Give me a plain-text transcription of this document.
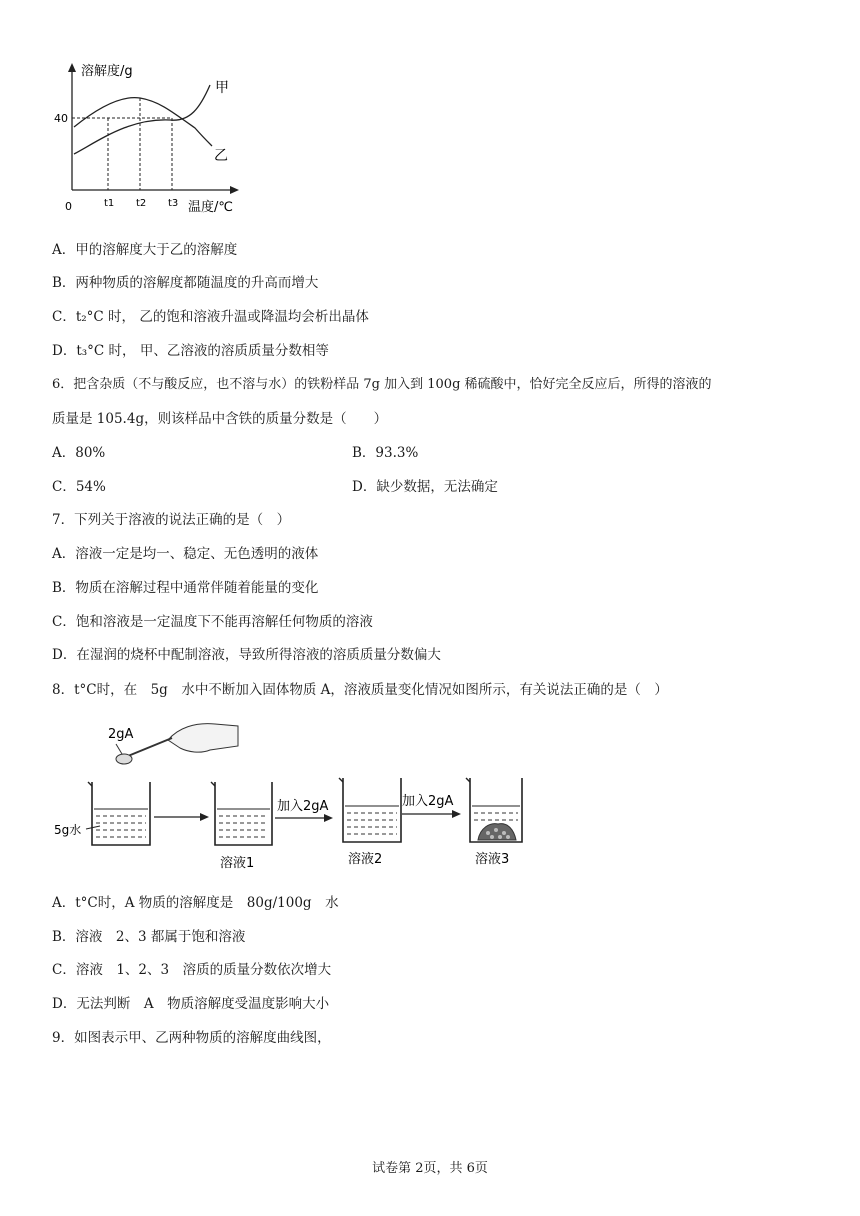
溶解度/g
温度/℃
0
40
t1 t2 t3
甲
乙
A．甲的溶解度大于乙的溶解度
B．两种物质的溶解度都随温度的升高而增大
C．t₂°C 时， 乙的饱和溶液升温或降温均会析出晶体
D．t₃°C 时， 甲、乙溶液的溶质质量分数相等
6．把含杂质（不与酸反应，也不溶与水）的铁粉样品 7g 加入到 100g 稀硫酸中，恰好完全反应后，所得的溶液的
质量是 105.4g，则该样品中含铁的质量分数是（　　）
A．80%	B．93.3%
C．54%	D．缺少数据，无法确定
7．下列关于溶液的说法正确的是（　）
A．溶液一定是均一、稳定、无色透明的液体
B．物质在溶解过程中通常伴随着能量的变化
C．饱和溶液是一定温度下不能再溶解任何物质的溶液
D．在湿润的烧杯中配制溶液，导致所得溶液的溶质质量分数偏大
8．t°C时，在　5g　水中不断加入固体物质 A，溶液质量变化情况如图所示，有关说法正确的是（　）
2gA
5g水
溶液1
加入2gA
溶液2
加入2gA
溶液3
A．t°C时，A 物质的溶解度是　80g/100g　水
B．溶液　2、3 都属于饱和溶液
C．溶液　1、2、3　溶质的质量分数依次增大
D．无法判断　A　物质溶解度受温度影响大小
9．如图表示甲、乙两种物质的溶解度曲线图，
试卷第 2页，共 6页
